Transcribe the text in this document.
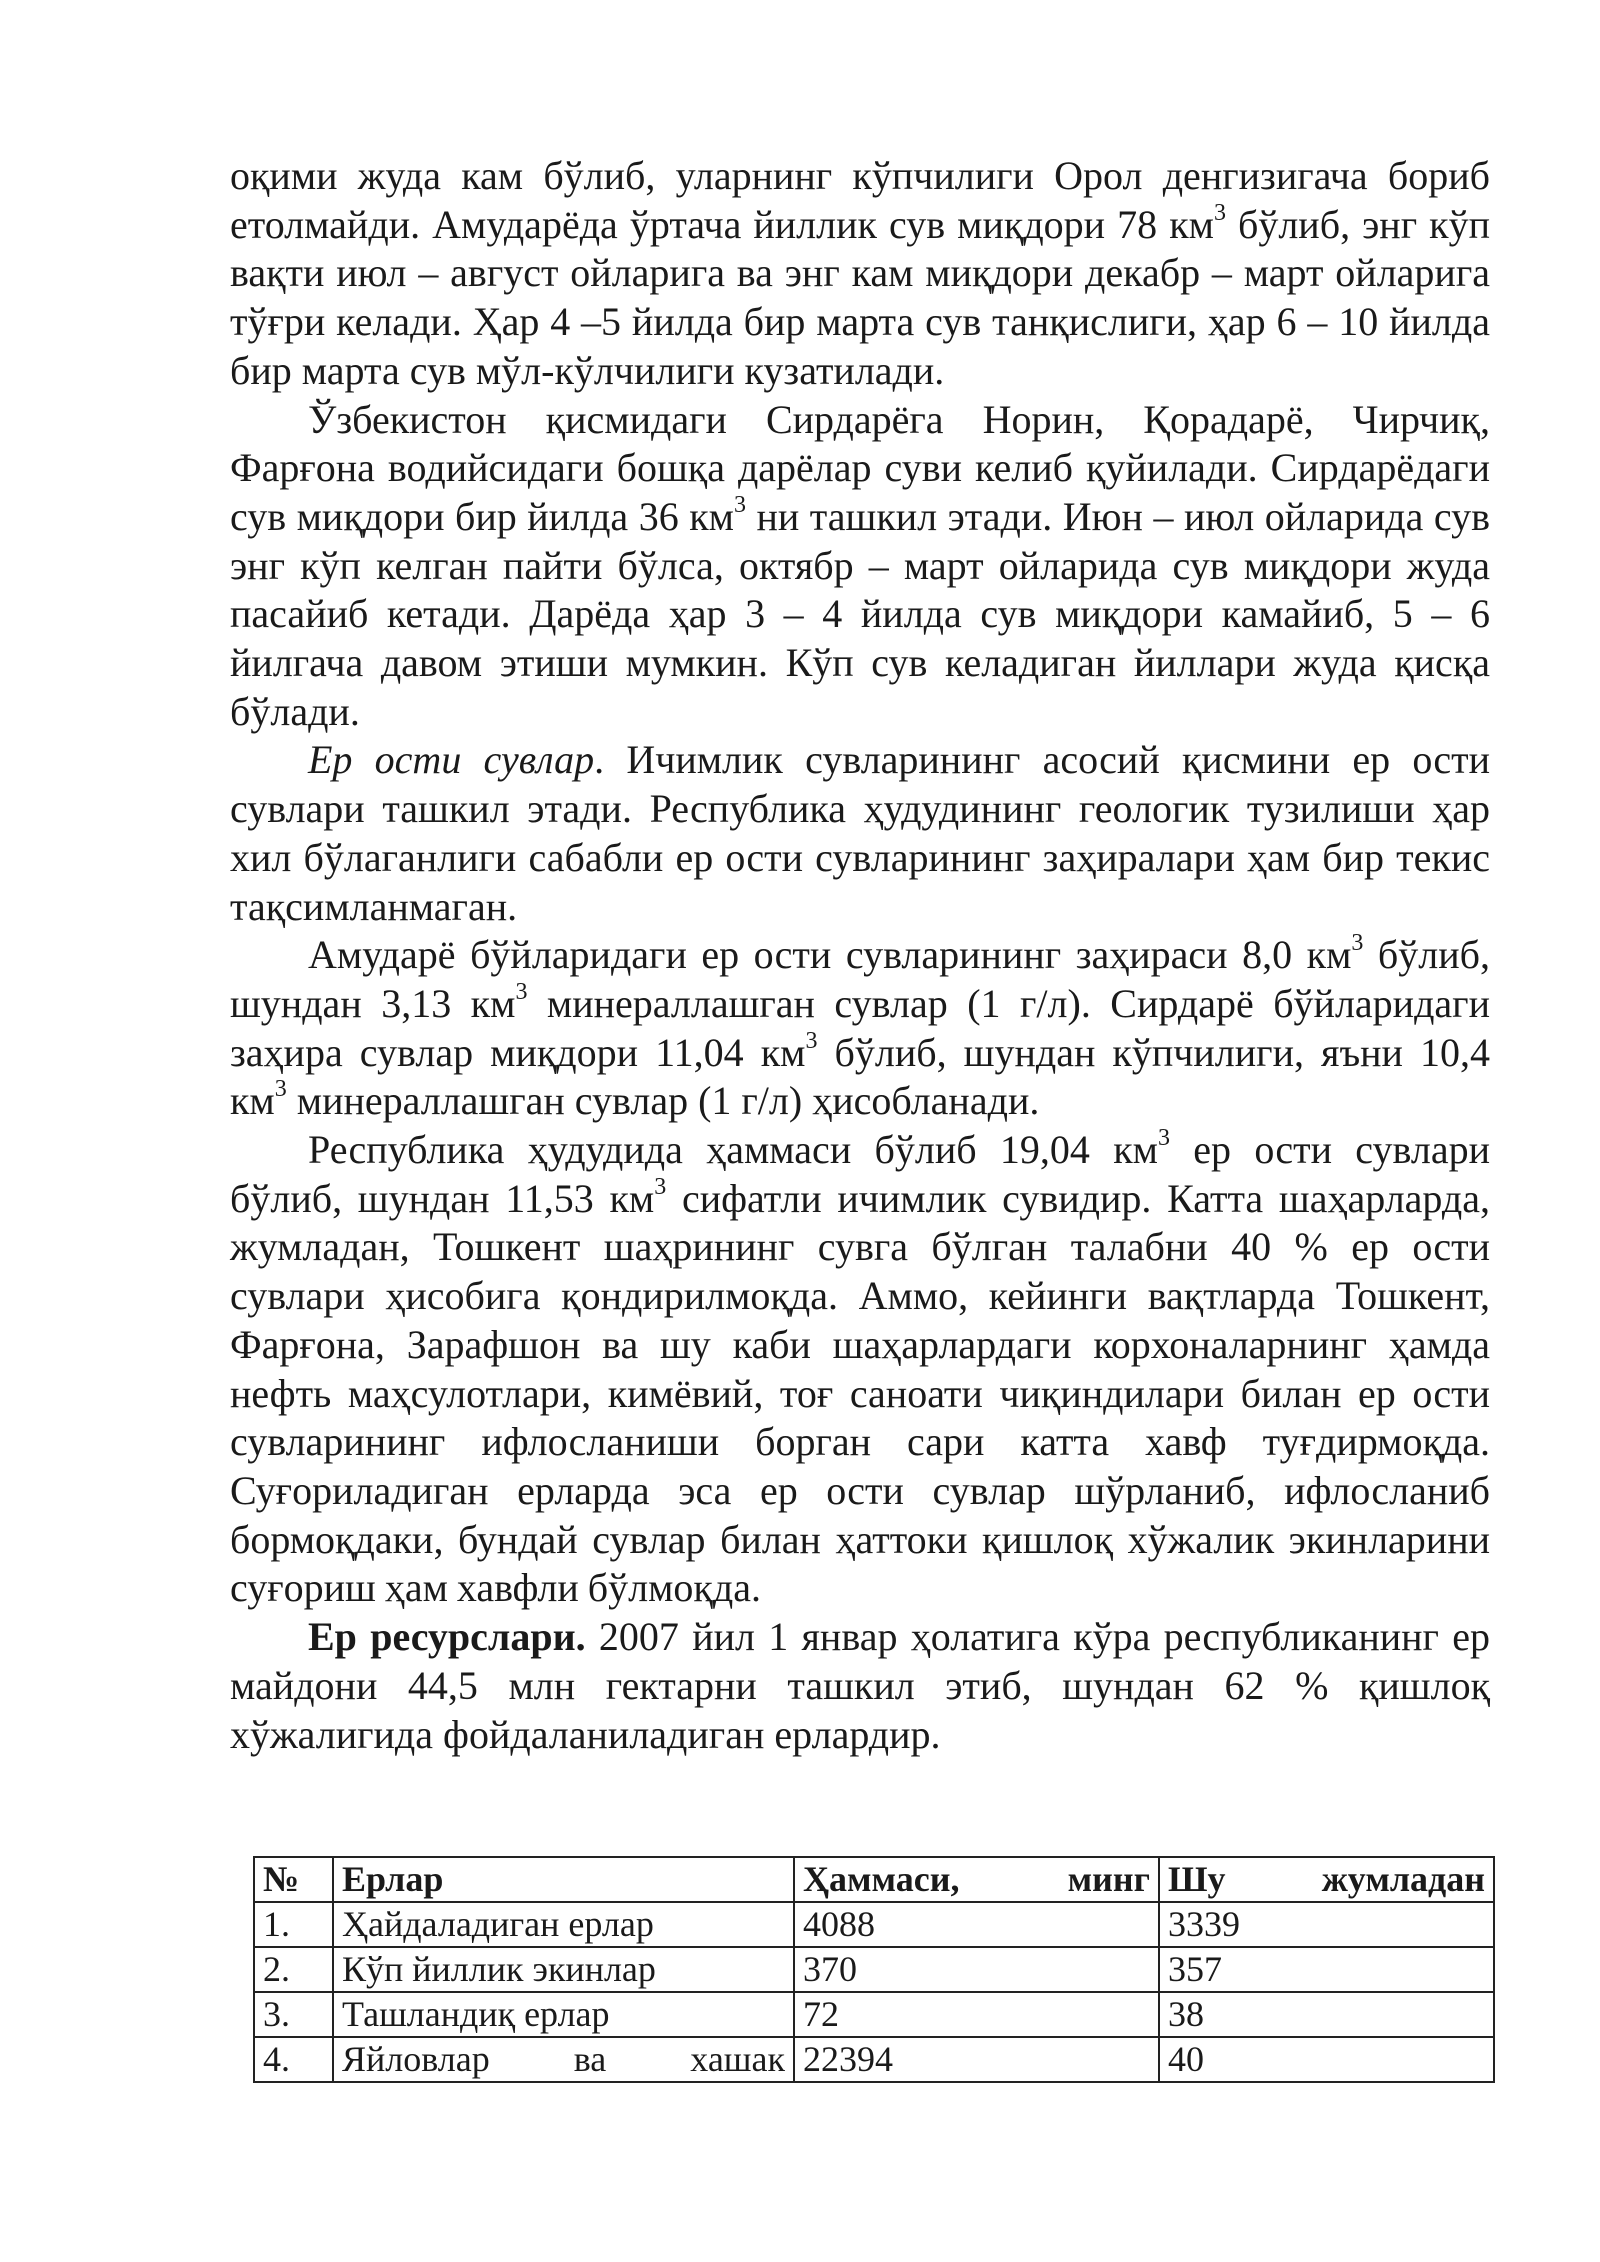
оқими жуда кам бўлиб, уларнинг кўпчилиги Орол денгизигача бориб етолмайди. Амударёда ўртача йиллик сув миқдори 78 $км^3$ бўлиб, энг кўп вақти июл – август ойларига ва энг кам миқдори декабр – март ойларига тўғри келади. Ҳар 4 –5 йилда бир марта сув танқислиги, ҳар 6 – 10 йилда бир марта сув мўл-кўлчилиги кузатилади.

Ўзбекистон қисмидаги Сирдарёга Норин, Қорадарё, Чирчиқ, Фарғона водийсидаги бошқа дарёлар суви келиб қуйилади. Сирдарёдаги сув миқдори бир йилда 36 $км^3$ ни ташкил этади. Июн – июл ойларида сув энг кўп келган пайти бўлса, октябр – март ойларида сув миқдори жуда пасайиб кетади. Дарёда ҳар 3 – 4 йилда сув миқдори камайиб, 5 – 6 йилгача давом этиши мумкин. Кўп сув келадиган йиллари жуда қисқа бўлади.

Ер ости сувлар. Ичимлик сувларининг асосий қисмини ер ости сувлари ташкил этади. Республика ҳудудининг геологик тузилиши ҳар хил бўлаганлиги сабабли ер ости сувларининг заҳиралари ҳам бир текис тақсимланмаган.

Амударё бўйларидаги ер ости сувларининг заҳираси 8,0 $км^3$ бўлиб, шундан 3,13 $км^3$ минераллашган сувлар (1 г/л). Сирдарё бўйларидаги заҳира сувлар миқдори 11,04 $км^3$ бўлиб, шундан кўпчилиги, яъни 10,4 $км^3$ минераллашган сувлар (1 г/л) ҳисобланади.

Республика ҳудудида ҳаммаси бўлиб 19,04 $км^3$ ер ости сувлари бўлиб, шундан 11,53 $км^3$ сифатли ичимлик сувидир. Катта шаҳарларда, жумладан, Тошкент шаҳрининг сувга бўлган талабни 40 % ер ости сувлари ҳисобига қондирилмоқда. Аммо, кейинги вақтларда Тошкент, Фарғона, Зарафшон ва шу каби шаҳарлардаги корхоналарнинг ҳамда нефть маҳсулотлари, кимёвий, тоғ саноати чиқиндилари билан ер ости сувларининг ифлосланиши борган сари катта хавф туғдирмоқда. Суғориладиган ерларда эса ер ости сувлар шўрланиб, ифлосланиб бормоқдаки, бундай сувлар билан ҳаттоки қишлоқ хўжалик экинларини суғориш ҳам хавфли бўлмоқда.

Ер ресурслари. 2007 йил 1 январ ҳолатига кўра республиканинг ер майдони 44,5 млн гектарни ташкил этиб, шундан 62 % қишлоқ хўжалигида фойдаланиладиган ерлардир.

№	Ерлар	Ҳаммаси, минг	Шу жумладан

1.	Ҳайдаладиган ерлар	4088	3339
2.	Кўп йиллик экинлар	370	357
3.	Ташландиқ ерлар	72	38
4.	Яйловлар ва хашак	22394	40
